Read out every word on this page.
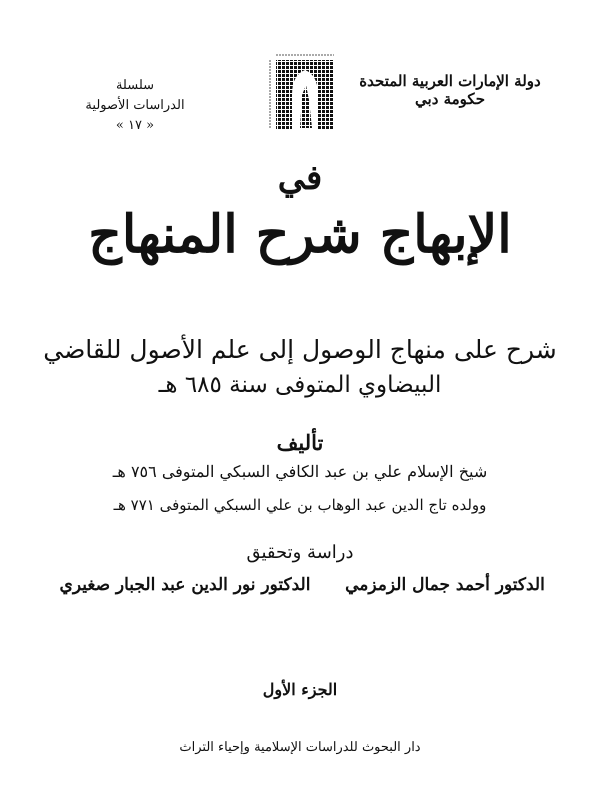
دولة الإمارات العربية المتحدة
حكومة دبي
سلسلة
الدراسات الأصولية
« ١٧ »
في
الإبهاج شرح المنهاج
شرح على منهاج الوصول إلى علم الأصول للقاضي
البيضاوي المتوفى سنة ٦٨٥ هـ
تأليف
شيخ الإسلام علي بن عبد الكافي السبكي المتوفى ٧٥٦ هـ
وولده تاج الدين عبد الوهاب بن علي السبكي المتوفى ٧٧١ هـ
دراسة وتحقيق
الدكتور أحمد جمال الزمزمي
الدكتور نور الدين عبد الجبار صغيري
الجزء الأول
دار البحوث للدراسات الإسلامية وإحياء التراث
